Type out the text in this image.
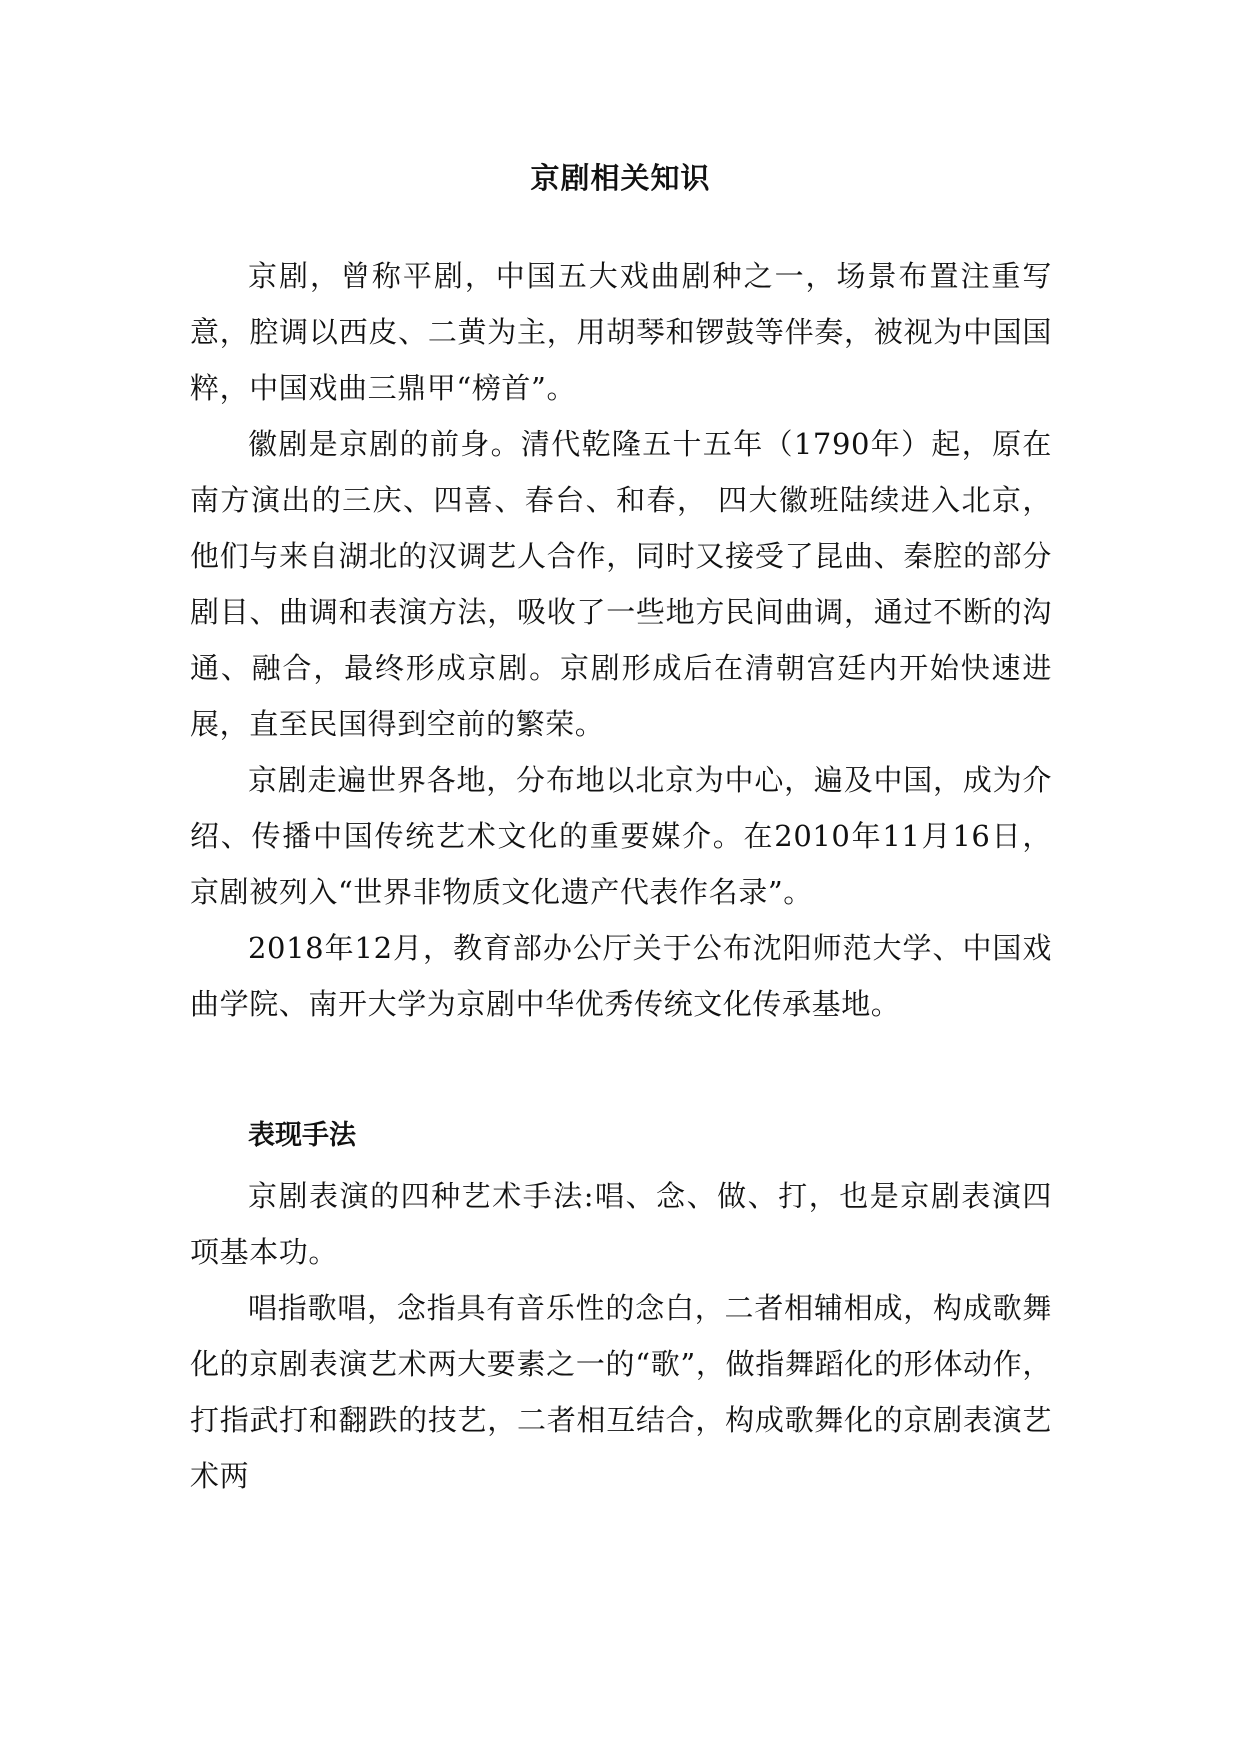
京剧相关知识

京剧，曾称平剧，中国五大戏曲剧种之一，场景布置注重写意，腔调以西皮、二黄为主，用胡琴和锣鼓等伴奏，被视为中国国粹，中国戏曲三鼎甲“榜首”。

徽剧是京剧的前身。清代乾隆五十五年（1790年）起，原在南方演出的三庆、四喜、春台、和春， 四大徽班陆续进入北京，他们与来自湖北的汉调艺人合作，同时又接受了昆曲、秦腔的部分剧目、曲调和表演方法，吸收了一些地方民间曲调，通过不断的沟通、融合，最终形成京剧。京剧形成后在清朝宫廷内开始快速进展，直至民国得到空前的繁荣。

京剧走遍世界各地，分布地以北京为中心，遍及中国，成为介绍、传播中国传统艺术文化的重要媒介。在2010年11月16日，京剧被列入“世界非物质文化遗产代表作名录”。

2018年12月，教育部办公厅关于公布沈阳师范大学、中国戏曲学院、南开大学为京剧中华优秀传统文化传承基地。

表现手法

京剧表演的四种艺术手法:唱、念、做、打，也是京剧表演四项基本功。

唱指歌唱，念指具有音乐性的念白，二者相辅相成，构成歌舞化的京剧表演艺术两大要素之一的“歌”，做指舞蹈化的形体动作，打指武打和翻跌的技艺，二者相互结合，构成歌舞化的京剧表演艺术两
